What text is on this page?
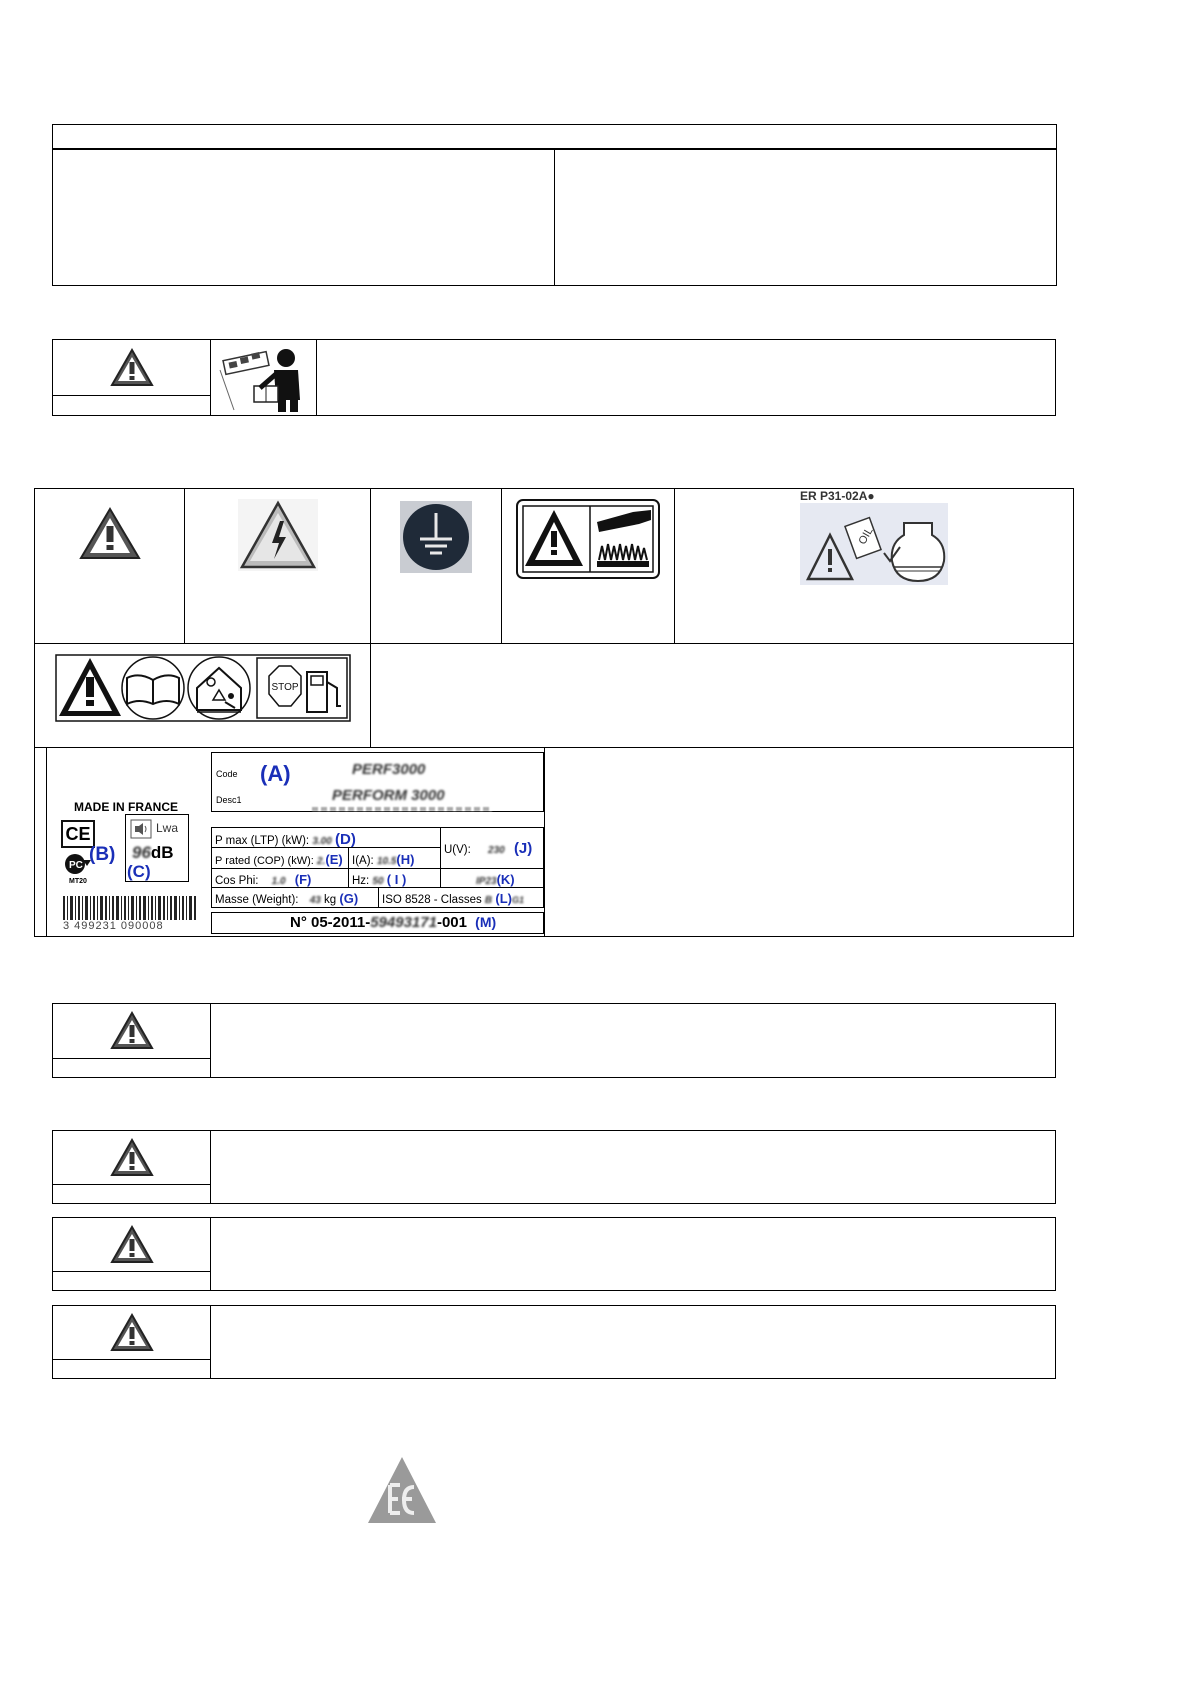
ER P31-02A●
OIL
STOP
MADE IN FRANCE
CE
PC
(B)
MT20
Lwa
96dB
(C)
3 499231 090008
Code (A)	PERF3000
Desc1	PERFORM 3000
P max (LTP) (kW): 3.00 (D)
P rated (COP) (kW): 2.(E) I(A): 10.5(H)
U(V): 230 (J)
Cos Phi: 1.0 (F)	Hz: 50 ( I )	IP23(K)
Masse (Weight): 43 kg (G) ISO 8528 - Classes B (L)G1
N° 05-2011-59493171-001 (M)
